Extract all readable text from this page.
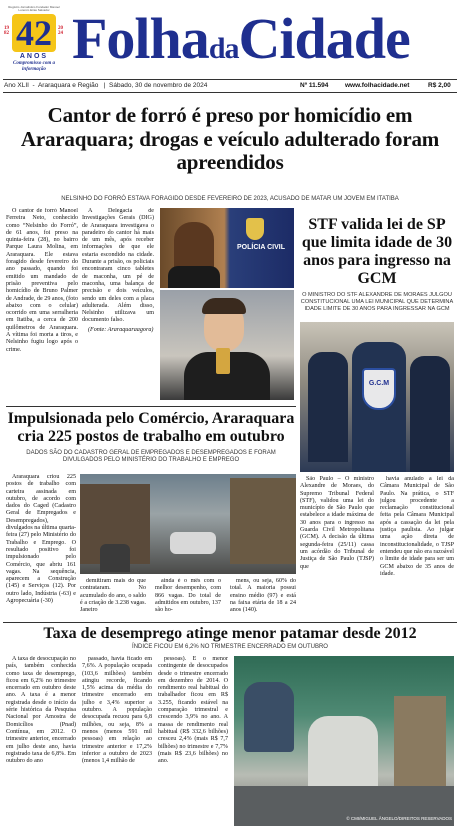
Registro Jornalístico Fundador Manoel Lorenzo Eiras Salvador
1982 42	2024
ANOS
Compromisso com a informação FolhadaCidade
Ano XLII  -  Araraquara e Região   |  Sábado, 30 de novembro de 2024	Nº 11.594	www.folhacidade.net	R$ 2,00
Cantor de forró é preso por homicídio em Araraquara; drogas e veículo adulterado foram apreendidos
NELSINHO DO FORRÓ ESTAVA FORAGIDO DESDE FEVEREIRO DE 2023, ACUSADO DE MATAR UM JOVEM EM ITATIBA

O cantor de forró Manoel Ferreira Neto, conhecido como “Nelsinho do Forró”, de 61 anos, foi preso na quinta-feira (28), no bairro Parque Laura Molina, em Araraquara. Ele estava foragido desde fevereiro do ano passado, quando foi emitido um mandado de prisão preventiva pelo homicídio de Bruno Palmer de Andrade, de 29 anos, (foto abaixo com o celular) ocorrido em uma serralheria em Itatiba, a cerca de 200 quilômetros de Araraquara. A vítima foi morta a tiros, e Nelsinho fugiu logo após o crime.

A Delegacia de Investigações Gerais (DIG) de Araraquara investigava o paradeiro do cantor há mais de um mês, após receber informações de que ele estaria escondido na cidade. Durante a prisão, os policiais encontraram cinco tabletes de maconha, um pé de maconha, uma balança de precisão e dois veículos, sendo um deles com a placa adulterada. Além disso, Nelsinho utilizava um documento falso.

(Fonte: Araraquaraagora)

POLÍCIA CIVIL
STF valida lei de SP que limita idade de 30 anos para ingresso na GCM
O MINISTRO DO STF ALEXANDRE DE MORAES JULGOU CONSTITUCIONAL UMA LEI MUNICIPAL QUE DETERMINA IDADE LIMITE DE 30 ANOS PARA INGRESSAR NA GCM
G.C.M
Impulsionada pelo Comércio, Araraquara cria 225 postos de trabalho em outubro
DADOS SÃO DO CADASTRO GERAL DE EMPREGADOS E DESEMPREGADOS E FORAM DIVULGADOS PELO MINISTÉRIO DO TRABALHO E EMPREGO

Araraquara criou 225 postos de trabalho com carteira assinada em outubro, de acordo com dados do Caged (Cadastro Geral de Empregados e Desempregados), divulgados na última quarta-feira (27) pelo Ministério do Trabalho e Emprego. O resultado positivo foi impulsionado pelo Comércio, que abriu 161 vagas. Na sequência, aparecem a Construção (145) e Serviços (12). Por outro lado, Indústria (-63) e Agropecuária (-30)

demitiram mais do que contrataram. No acumulado do ano, o saldo é a criação de 3.238 vagas. Janeiro

ainda é o mês com o melhor desempenho, com 866 vagas. Do total de admitidos em outubro, 137 são ho-

mens, ou seja, 60% do total. A maioria possui ensino médio (97) e está na faixa etária de 18 a 24 anos (140).

São Paulo – O ministro Alexandre de Moraes, do Supremo Tribunal Federal (STF), validou uma lei do município de São Paulo que estabelece a idade máxima de 30 anos para o ingresso na Guarda Civil Metropolitana (GCM). A decisão da última segunda-feira (25/11) cassa um acórdão do Tribunal de Justiça de São Paulo (TJSP) que

havia anulado a lei da Câmara Municipal de São Paulo. Na prática, o STF julgou procedente a reclamação constitucional feita pela Câmara Municipal após a cassação da lei pela justiça paulista. Ao julgar uma ação direta de inconstitucionalidade, o TJSP entendeu que não era razoável o limite de idade para ser um GCM abaixo de 35 anos de idade.

Taxa de desemprego atinge menor patamar desde 2012
ÍNDICE FICOU EM 6,2% NO TRIMESTRE ENCERRADO EM OUTUBRO

A taxa de desocupação no país, também conhecida como taxa de desemprego, ficou em 6,2% no trimestre encerrado em outubro deste ano. A taxa é a menor registrada desde o início da série histórica da Pesquisa Nacional por Amostra de Domicílios (Pnad) Contínua, em 2012. O trimestre anterior, encerrado em julho deste ano, havia registrado taxa de 6,8%. Em outubro do ano

passado, havia ficado em 7,6%. A população ocupada (103,6 milhões) também atingiu recorde, ficando 1,5% acima da média do trimestre encerrado em julho e 3,4% superior a outubro. A população desocupada recuou para 6,8 milhões, ou seja, 8% a menos (menos 591 mil pessoas) em relação ao trimestre anterior e 17,2% inferior a outubro de 2023 (menos 1,4 milhão de

pessoas). É o menor contingente de desocupados desde o trimestre encerrado em dezembro de 2014. O rendimento real habitual do trabalhador ficou em R$ 3.255, ficando estável na comparação trimestral e crescendo 3,9% no ano. A massa de rendimento real habitual (R$ 332,6 bilhões) cresceu 2,4% (mais R$ 7,7 bilhões) no trimestre e 7,7% (mais R$ 23,6 bilhões) no ano.

© CMI/MIGUEL ÂNGELO/DIREITOS RESERVADOS
